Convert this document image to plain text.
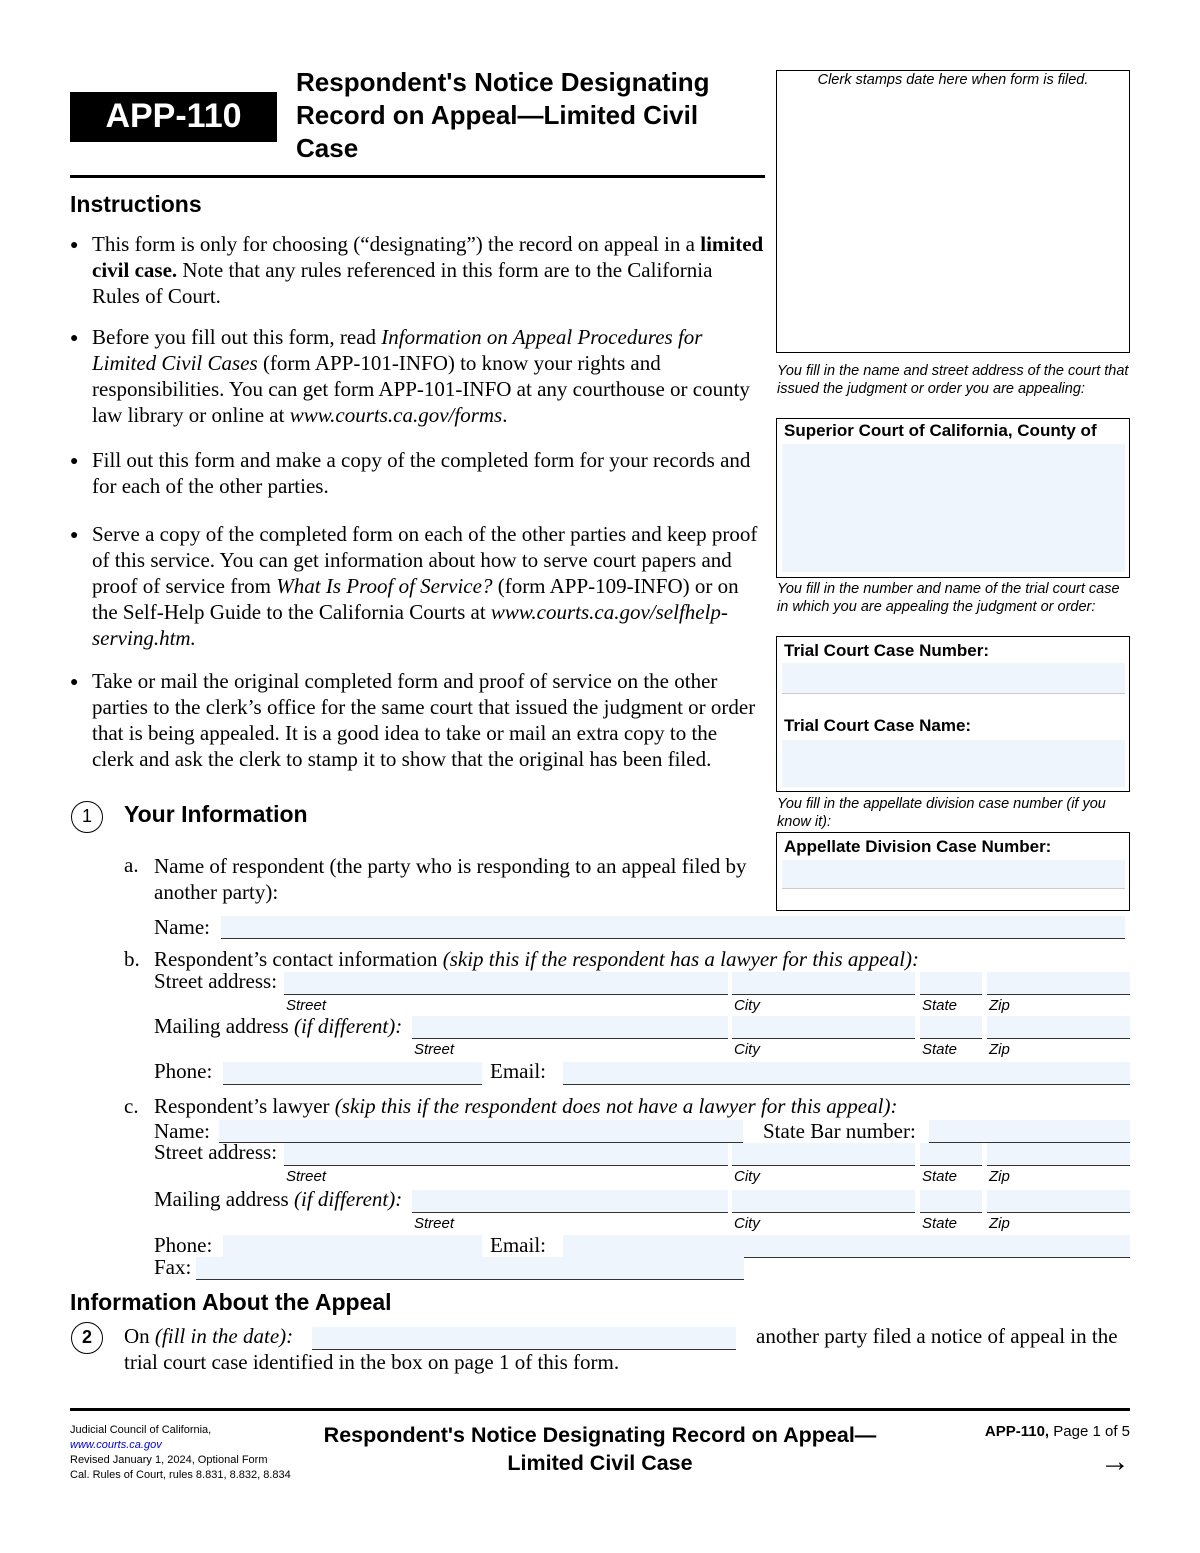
APP-110
Respondent's Notice Designating Record on Appeal—Limited Civil Case
Clerk stamps date here when form is filed.
Instructions
● This form is only for choosing (“designating”) the record on appeal in a limited civil case. Note that any rules referenced in this form are to the California Rules of Court.
● Before you fill out this form, read Information on Appeal Procedures for Limited Civil Cases (form APP-101-INFO) to know your rights and responsibilities. You can get form APP-101-INFO at any courthouse or county law library or online at www.courts.ca.gov/forms.
● Fill out this form and make a copy of the completed form for your records and for each of the other parties.
● Serve a copy of the completed form on each of the other parties and keep proof of this service. You can get information about how to serve court papers and proof of service from What Is Proof of Service? (form APP-109-INFO) or on the Self-Help Guide to the California Courts at www.courts.ca.gov/selfhelp-serving.htm.
● Take or mail the original completed form and proof of service on the other parties to the clerk’s office for the same court that issued the judgment or order that is being appealed. It is a good idea to take or mail an extra copy to the clerk and ask the clerk to stamp it to show that the original has been filed.
You fill in the name and street address of the court that issued the judgment or order you are appealing:
Superior Court of California, County of
You fill in the number and name of the trial court case in which you are appealing the judgment or order:
Trial Court Case Number:
Trial Court Case Name:
You fill in the appellate division case number (if you know it):
Appellate Division Case Number:
1	Your Information
a. Name of respondent (the party who is responding to an appeal filed by another party):
Name:
b. Respondent’s contact information (skip this if the respondent has a lawyer for this appeal):
Street address:
Street	City	State Zip
Mailing address (if different):
Street	City	State Zip
Phone:	Email:
c. Respondent’s lawyer (skip this if the respondent does not have a lawyer for this appeal):
Name:	State Bar number:
Street address:
Street	City	State Zip
Mailing address (if different):
Street	City	State Zip
Phone:	Email:
Fax:
Information About the Appeal
2	On (fill in the date):	another party filed a notice of appeal in the
trial court case identified in the box on page 1 of this form.
Judicial Council of California,
www.courts.ca.gov
Revised January 1, 2024, Optional Form
Cal. Rules of Court, rules 8.831, 8.832, 8.834
Respondent's Notice Designating Record on Appeal—
Limited Civil Case
APP-110, Page 1 of 5
→
